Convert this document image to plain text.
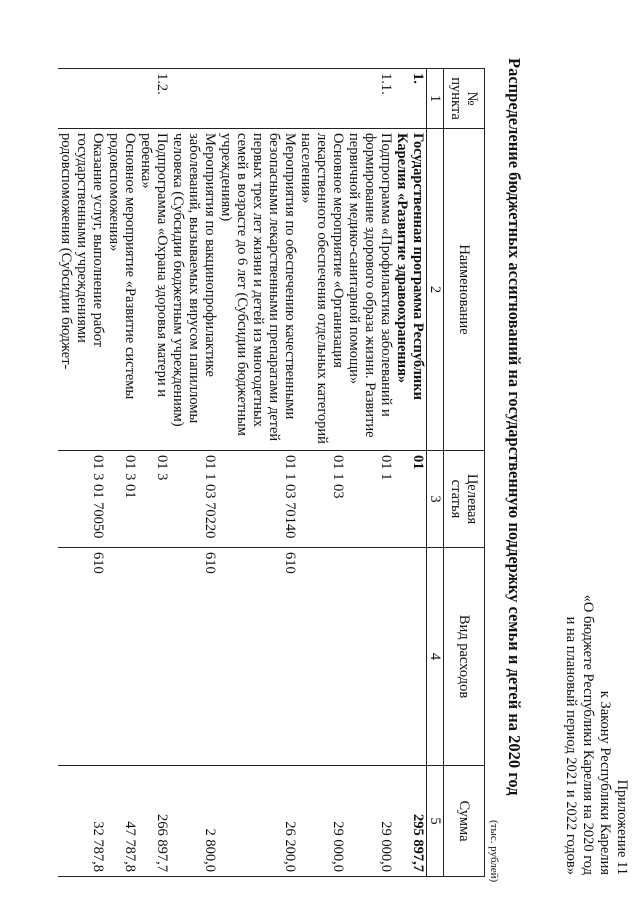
Приложение 11
к Закону Республики Карелия
«О бюджете Республики Карелия на 2020 год
и на плановый период 2021 и 2022 годов»
Распределение бюджетных ассигнований на государственную поддержку семьи и детей на 2020 год
(тыс. рублей)
№ пункта	Наименование	Целевая статья	Вид расходов	Сумма
1	2	3	4	5
1.	Государственная программа Республики Карелия «Развитие здравоохранения»	01		295 897,7
1.1.	Подпрограмма «Профилактика заболеваний и формирование здорового образа жизни. Развитие первичной медико-санитарной помощи»	01 1		29 000,0
	Основное мероприятие «Организация лекарственного обеспечения отдельных категорий населения»	01 1 03		29 000,0
	Мероприятия по обеспечению качественными безопасными лекарственными препаратами детей первых трех лет жизни и детей из многодетных семей в возрасте до 6 лет (Субсидии бюджетным учреждениям)	01 1 03 70140	610	26 200,0
	Мероприятия по вакцинопрофилактике заболеваний, вызываемых вирусом папилломы человека (Субсидии бюджетным учреждениям)	01 1 03 70220	610	2 800,0
1.2.	Подпрограмма «Охрана здоровья матери и ребенка»	01 3		266 897,7
	Основное мероприятие «Развитие системы родовспоможения»	01 3 01		47 787,8
	Оказание услуг, выполнение работ государственными учреждениями родовспоможения (Субсидии бюджет-	01 3 01 70050	610	32 787,8
